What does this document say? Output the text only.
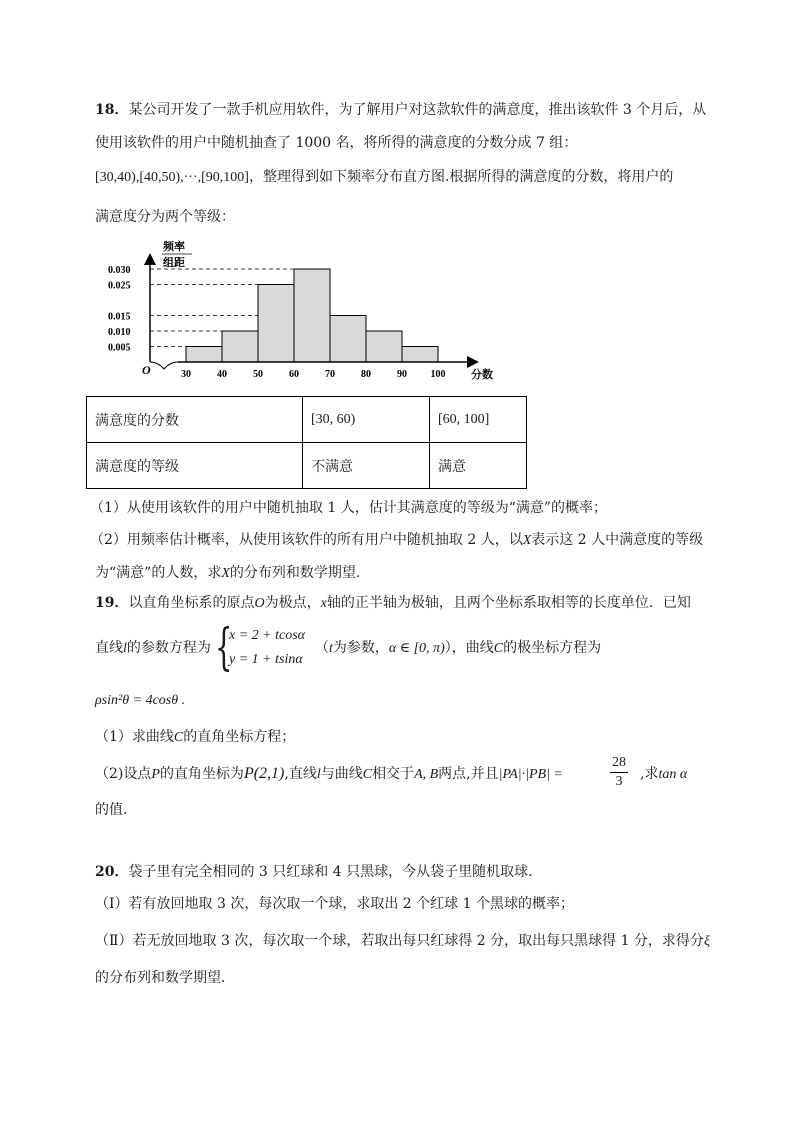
18．某公司开发了一款手机应用软件，为了解用户对这款软件的满意度，推出该软件 3 个月后，从
使用该软件的用户中随机抽查了 1000 名，将所得的满意度的分数分成 7 组：
[30,40),[40,50),···,[90,100]，整理得到如下频率分布直方图.根据所得的满意度的分数，将用户的
满意度分为两个等级：
0.005
0.010
0.015
0.025
0.030
30	40	50	60	70	80	90 100
频率
组距
分数
O
满意度的分数	[30, 60)	[60, 100]
满意度的等级	不满意	满意
（1）从使用该软件的用户中随机抽取 1 人，估计其满意度的等级为“满意”的概率；
（2）用频率估计概率，从使用该软件的所有用户中随机抽取 2 人，以X表示这 2 人中满意度的等级
为“满意”的人数，求X的分布列和数学期望.
19．以直角坐标系的原点O为极点，x轴的正半轴为极轴，且两个坐标系取相等的长度单位．已知
直线l的参数方程为 {
x = 2 + tcosα
y = 1 + tsinα
（t为参数，α ∈ [0, π)），曲线C的极坐标方程为
ρsin²θ = 4cosθ .
（1）求曲线C的直角坐标方程；
（2)设点P的直角坐标为P(2,1),直线l与曲线C相交于A, B两点,并且|PA|·|PB| =	$\frac{28}{3}$ ,求tan α
的值.
20．袋子里有完全相同的 3 只红球和 4 只黑球，今从袋子里随机取球．
（Ⅰ）若有放回地取 3 次，每次取一个球，求取出 2 个红球 1 个黑球的概率；
（Ⅱ）若无放回地取 3 次，每次取一个球，若取出每只红球得 2 分，取出每只黑球得 1 分，求得分ξ
的分布列和数学期望．
